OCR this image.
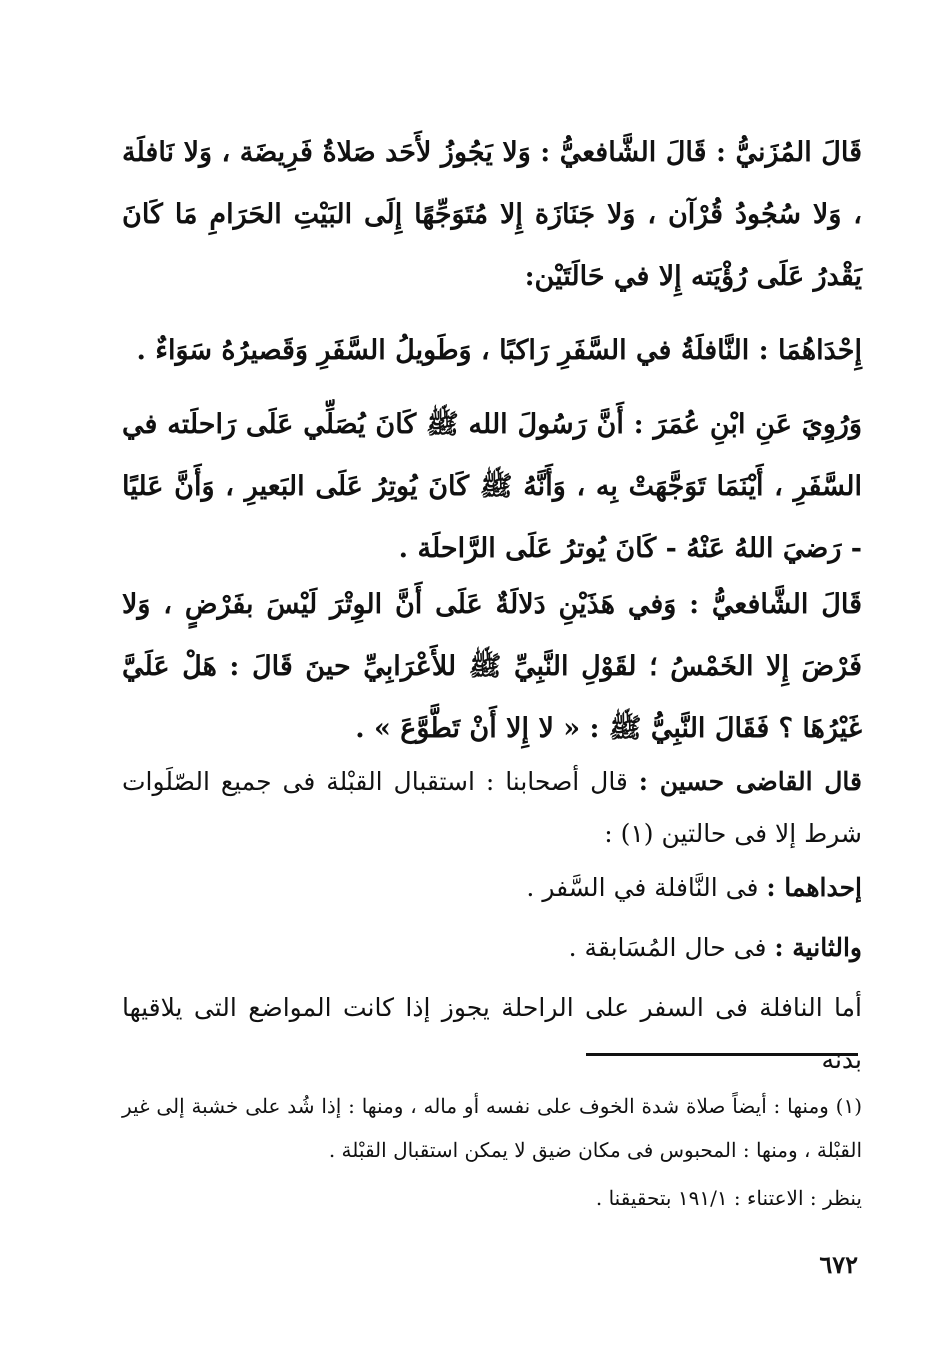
قَالَ المُزَنيُّ : قَالَ الشَّافعيُّ : وَلا يَجُوزُ لأَحَد صَلاةُ فَرِيضَة ، وَلا نَافلَة ، وَلا سُجُودُ قُرْآن ، وَلا جَنَازَة إِلا مُتَوَجِّهًا إِلَى البَيْتِ الحَرَامِ مَا كَانَ يَقْدرُ عَلَى رُؤْيَته إِلا في حَالَتَيْن:

إِحْدَاهُمَا : النَّافلَةُ في السَّفَرِ رَاكبًا ، وَطَويلُ السَّفَرِ وَقَصيرُهُ سَوَاءٌ .

وَرُوِيَ عَنِ ابْنِ عُمَرَ : أَنَّ رَسُولَ الله ﷺ كَانَ يُصَلِّي عَلَى رَاحلَته في السَّفَرِ ، أَيْنَمَا تَوَجَّهَتْ بِه ، وَأَنَّهُ ﷺ كَانَ يُوتِرُ عَلَى البَعيرِ ، وَأَنَّ عَليًا - رَضيَ اللهُ عَنْهُ - كَانَ يُوترُ عَلَى الرَّاحلَة .

قَالَ الشَّافعيُّ : وَفي هَذَيْنِ دَلالَةٌ عَلَى أَنَّ الوِتْرَ لَيْسَ بفَرْضٍ ، وَلا فَرْضَ إِلا الخَمْسُ ؛ لقَوْلِ النَّبِيِّ ﷺ للأَعْرَابِيِّ حينَ قَالَ : هَلْ عَلَيَّ غَيْرُهَا ؟ فَقَالَ النَّبِيُّ ﷺ : « لا إِلا أَنْ تَطَّوَّعَ » .

قال القاضى حسين : قال أصحابنا : استقبال القبْلة فى جميع الصّلَوات شرط إلا فى حالتين (١) :

إحداهما : فى النَّافلة في السَّفر .

والثانية : فى حال المُسَابقة .

أما النافلة فى السفر على الراحلة يجوز إذا كانت المواضع التى يلاقيها بدنه

(١) ومنها : أيضاً صلاة شدة الخوف على نفسه أو ماله ، ومنها : إذا شُد على خشبة إلى غير القبْلة ، ومنها : المحبوس فى مكان ضيق لا يمكن استقبال القبْلة .

ينظر : الاعتناء : ١٩١/١ بتحقيقنا .

٦٧٢
